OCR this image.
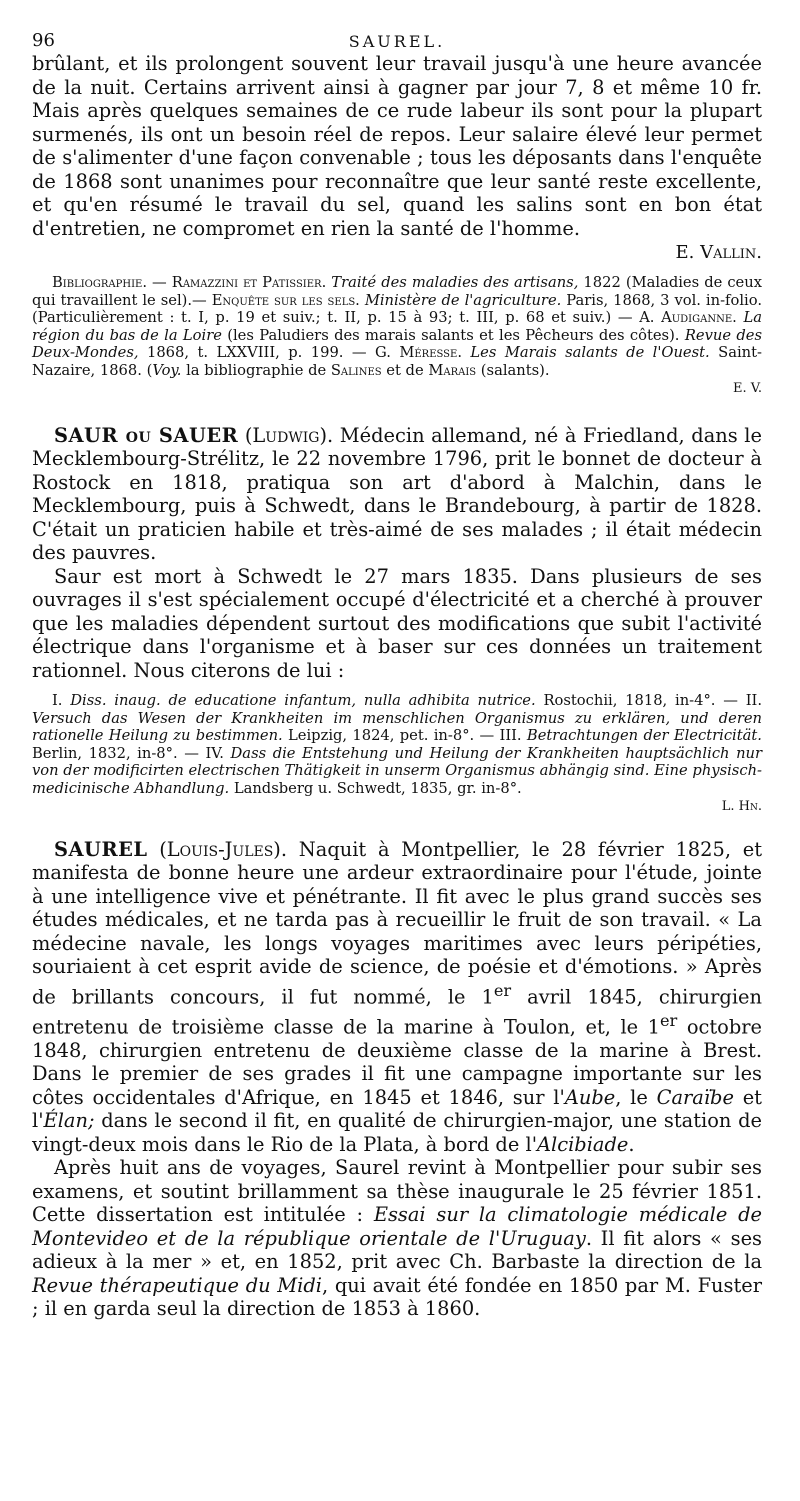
96	SAUREL.

brûlant, et ils prolongent souvent leur travail jusqu'à une heure avancée de la nuit. Certains arrivent ainsi à gagner par jour 7, 8 et même 10 fr. Mais après quelques semaines de ce rude labeur ils sont pour la plupart surmenés, ils ont un besoin réel de repos. Leur salaire élevé leur permet de s'alimenter d'une façon convenable ; tous les déposants dans l'enquête de 1868 sont unanimes pour reconnaître que leur santé reste excellente, et qu'en résumé le travail du sel, quand les salins sont en bon état d'entretien, ne compromet en rien la santé de l'homme.

E. Vallin.

Bibliographie. — Ramazzini et Patissier. Traité des maladies des artisans, 1822 (Maladies de ceux qui travaillent le sel).— Enquête sur les sels. Ministère de l'agriculture. Paris, 1868, 3 vol. in-folio. (Particulièrement : t. I, p. 19 et suiv.; t. II, p. 15 à 93; t. III, p. 68 et suiv.) — A. Audiganne. La région du bas de la Loire (les Paludiers des marais salants et les Pêcheurs des côtes). Revue des Deux-Mondes, 1868, t. LXXVIII, p. 199. — G. Méresse. Les Marais salants de l'Ouest. Saint-Nazaire, 1868. (Voy. la bibliographie de Salines et de Marais (salants).

E. V.

SAUR ou SAUER (Ludwig). Médecin allemand, né à Friedland, dans le Mecklembourg-Strélitz, le 22 novembre 1796, prit le bonnet de docteur à Rostock en 1818, pratiqua son art d'abord à Malchin, dans le Mecklembourg, puis à Schwedt, dans le Brandebourg, à partir de 1828. C'était un praticien habile et très-aimé de ses malades ; il était médecin des pauvres.

Saur est mort à Schwedt le 27 mars 1835. Dans plusieurs de ses ouvrages il s'est spécialement occupé d'électricité et a cherché à prouver que les maladies dépendent surtout des modifications que subit l'activité électrique dans l'organisme et à baser sur ces données un traitement rationnel. Nous citerons de lui :

I. Diss. inaug. de educatione infantum, nulla adhibita nutrice. Rostochii, 1818, in-4°. — II. Versuch das Wesen der Krankheiten im menschlichen Organismus zu erklären, und deren rationelle Heilung zu bestimmen. Leipzig, 1824, pet. in-8°. — III. Betrachtungen der Electricität. Berlin, 1832, in-8°. — IV. Dass die Entstehung und Heilung der Krankheiten hauptsächlich nur von der modificirten electrischen Thätigkeit in unserm Organismus abhängig sind. Eine physisch-medicinische Abhandlung. Landsberg u. Schwedt, 1835, gr. in-8°.

L. Hn.

SAUREL (Louis-Jules). Naquit à Montpellier, le 28 février 1825, et manifesta de bonne heure une ardeur extraordinaire pour l'étude, jointe à une intelligence vive et pénétrante. Il fit avec le plus grand succès ses études médicales, et ne tarda pas à recueillir le fruit de son travail. « La médecine navale, les longs voyages maritimes avec leurs péripéties, souriaient à cet esprit avide de science, de poésie et d'émotions. » Après de brillants concours, il fut nommé, le 1er avril 1845, chirurgien entretenu de troisième classe de la marine à Toulon, et, le 1er octobre 1848, chirurgien entretenu de deuxième classe de la marine à Brest. Dans le premier de ses grades il fit une campagne importante sur les côtes occidentales d'Afrique, en 1845 et 1846, sur l'Aube, le Caraïbe et l'Élan; dans le second il fit, en qualité de chirurgien-major, une station de vingt-deux mois dans le Rio de la Plata, à bord de l'Alcibiade.

Après huit ans de voyages, Saurel revint à Montpellier pour subir ses examens, et soutint brillamment sa thèse inaugurale le 25 février 1851. Cette dissertation est intitulée : Essai sur la climatologie médicale de Montevideo et de la république orientale de l'Uruguay. Il fit alors « ses adieux à la mer » et, en 1852, prit avec Ch. Barbaste la direction de la Revue thérapeutique du Midi, qui avait été fondée en 1850 par M. Fuster ; il en garda seul la direction de 1853 à 1860.
